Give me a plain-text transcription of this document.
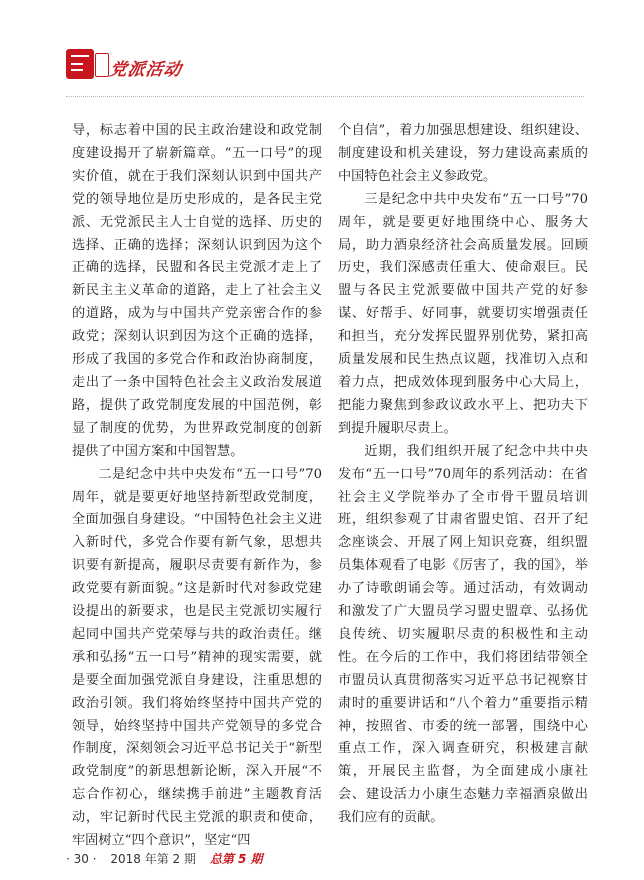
党派活动

导，标志着中国的民主政治建设和政党制度建设揭开了崭新篇章。“五一口号”的现实价值，就在于我们深刻认识到中国共产党的领导地位是历史形成的，是各民主党派、无党派民主人士自觉的选择、历史的选择、正确的选择；深刻认识到因为这个正确的选择，民盟和各民主党派才走上了新民主主义革命的道路，走上了社会主义的道路，成为与中国共产党亲密合作的参政党；深刻认识到因为这个正确的选择，形成了我国的多党合作和政治协商制度，走出了一条中国特色社会主义政治发展道路，提供了政党制度发展的中国范例，彰显了制度的优势，为世界政党制度的创新提供了中国方案和中国智慧。

二是纪念中共中央发布“五一口号”70周年，就是要更好地坚持新型政党制度，全面加强自身建设。“中国特色社会主义进入新时代，多党合作要有新气象，思想共识要有新提高，履职尽责要有新作为，参政党要有新面貌。”这是新时代对参政党建设提出的新要求，也是民主党派切实履行起同中国共产党荣辱与共的政治责任。继承和弘扬“五一口号”精神的现实需要，就是要全面加强党派自身建设，注重思想的政治引领。我们将始终坚持中国共产党的领导，始终坚持中国共产党领导的多党合作制度，深刻领会习近平总书记关于“新型政党制度”的新思想新论断，深入开展“不忘合作初心，继续携手前进”主题教育活动，牢记新时代民主党派的职责和使命，牢固树立“四个意识”，坚定“四

个自信”，着力加强思想建设、组织建设、制度建设和机关建设，努力建设高素质的中国特色社会主义参政党。

三是纪念中共中央发布“五一口号”70周年，就是要更好地围绕中心、服务大局，助力酒泉经济社会高质量发展。回顾历史，我们深感责任重大、使命艰巨。民盟与各民主党派要做中国共产党的好参谋、好帮手、好同事，就要切实增强责任和担当，充分发挥民盟界别优势，紧扣高质量发展和民生热点议题，找准切入点和着力点，把成效体现到服务中心大局上，把能力聚焦到参政议政水平上、把功夫下到提升履职尽责上。

近期，我们组织开展了纪念中共中央发布“五一口号”70周年的系列活动：在省社会主义学院举办了全市骨干盟员培训班，组织参观了甘肃省盟史馆、召开了纪念座谈会、开展了网上知识竞赛，组织盟员集体观看了电影《厉害了，我的国》，举办了诗歌朗诵会等。通过活动，有效调动和激发了广大盟员学习盟史盟章、弘扬优良传统、切实履职尽责的积极性和主动性。在今后的工作中，我们将团结带领全市盟员认真贯彻落实习近平总书记视察甘肃时的重要讲话和“八个着力”重要指示精神，按照省、市委的统一部署，围绕中心重点工作，深入调查研究，积极建言献策，开展民主监督，为全面建成小康社会、建设活力小康生态魅力幸福酒泉做出我们应有的贡献。

· 30 · 2018 年第 2 期 总第 5 期
